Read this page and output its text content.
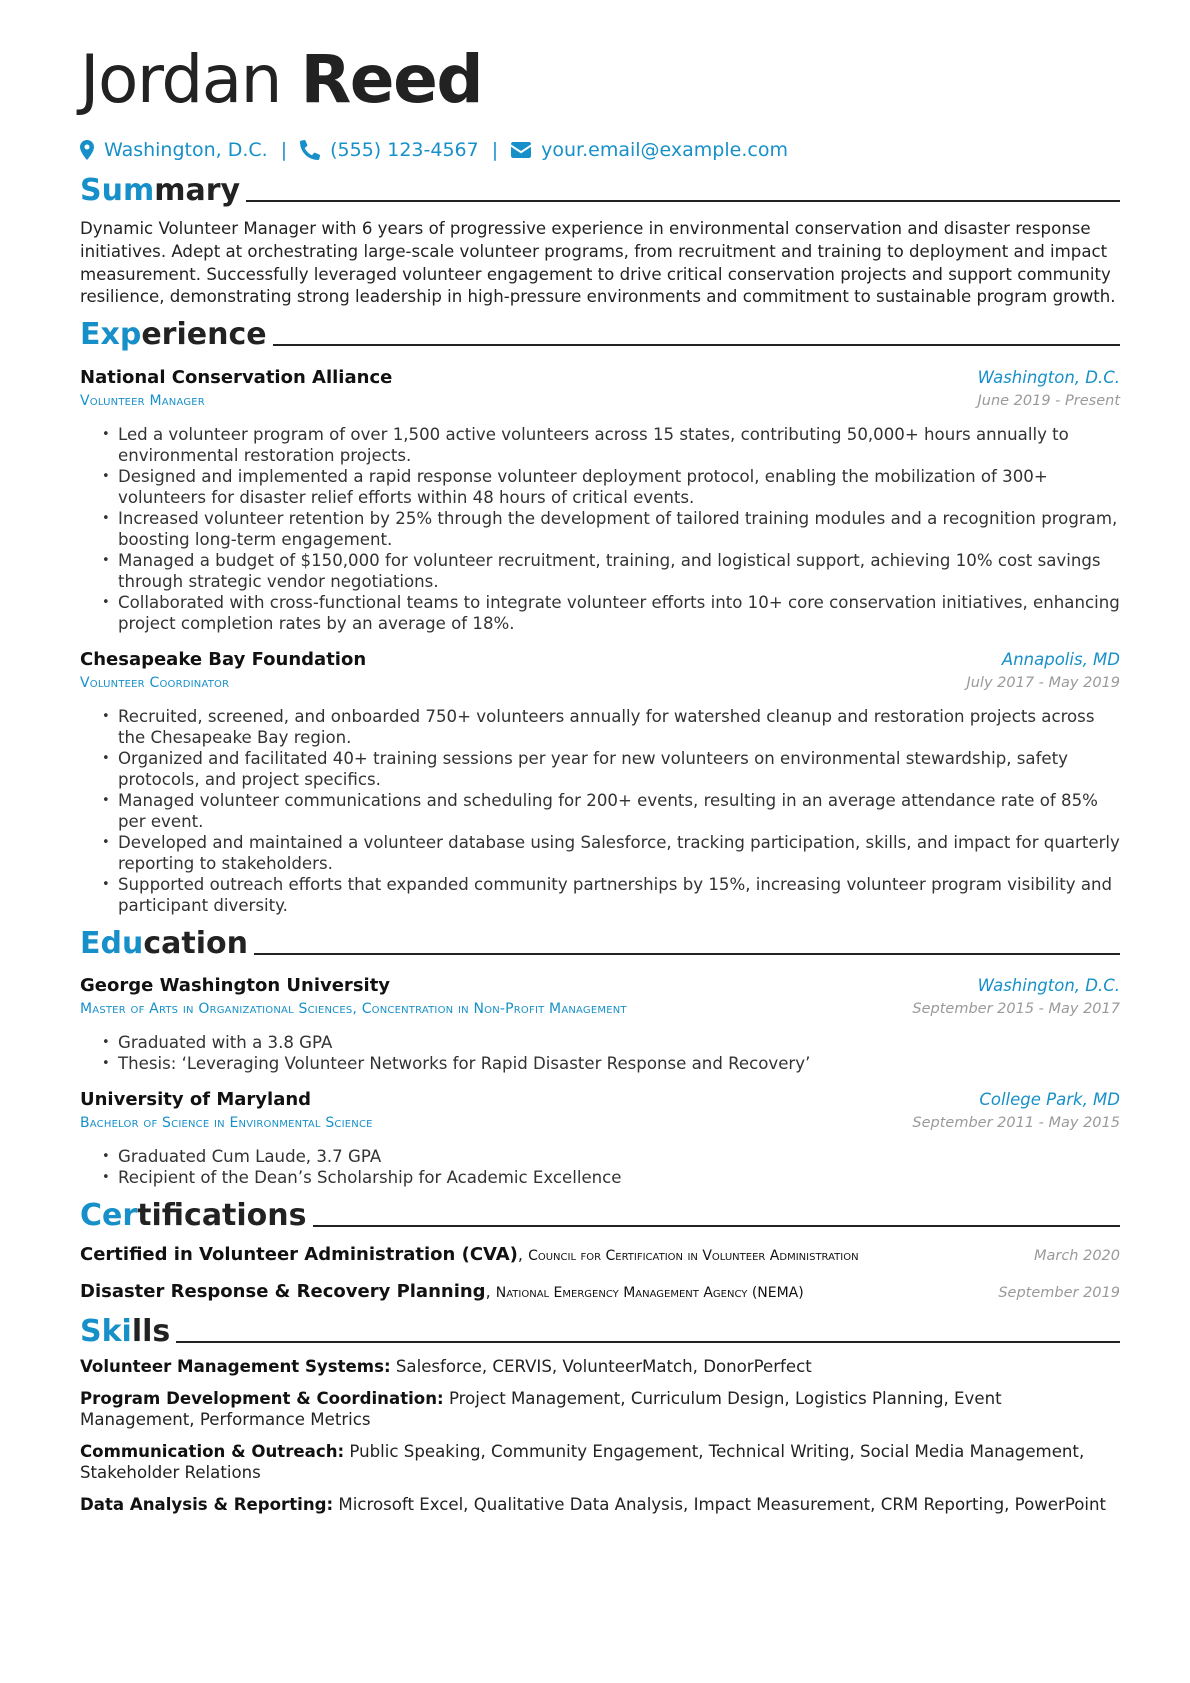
Jordan Reed
Washington, D.C. | (555) 123-4567 | your.email@example.com
Summary
Dynamic Volunteer Manager with 6 years of progressive experience in environmental conservation and disaster response initiatives. Adept at orchestrating large-scale volunteer programs, from recruitment and training to deployment and impact measurement. Successfully leveraged volunteer engagement to drive critical conservation projects and support community resilience, demonstrating strong leadership in high-pressure environments and commitment to sustainable program growth.
Experience
National Conservation Alliance	Washington, D.C.
Volunteer Manager	June 2019 - Present
• Led a volunteer program of over 1,500 active volunteers across 15 states, contributing 50,000+ hours annually to environmental restoration projects.
• Designed and implemented a rapid response volunteer deployment protocol, enabling the mobilization of 300+ volunteers for disaster relief efforts within 48 hours of critical events.
• Increased volunteer retention by 25% through the development of tailored training modules and a recognition program, boosting long-term engagement.
• Managed a budget of $150,000 for volunteer recruitment, training, and logistical support, achieving 10% cost savings through strategic vendor negotiations.
• Collaborated with cross-functional teams to integrate volunteer efforts into 10+ core conservation initiatives, enhancing project completion rates by an average of 18%.
Chesapeake Bay Foundation	Annapolis, MD
Volunteer Coordinator	July 2017 - May 2019
• Recruited, screened, and onboarded 750+ volunteers annually for watershed cleanup and restoration projects across the Chesapeake Bay region.
• Organized and facilitated 40+ training sessions per year for new volunteers on environmental stewardship, safety protocols, and project specifics.
• Managed volunteer communications and scheduling for 200+ events, resulting in an average attendance rate of 85% per event.
• Developed and maintained a volunteer database using Salesforce, tracking participation, skills, and impact for quarterly reporting to stakeholders.
• Supported outreach efforts that expanded community partnerships by 15%, increasing volunteer program visibility and participant diversity.
Education
George Washington University	Washington, D.C.
Master of Arts in Organizational Sciences, Concentration in Non-Profit Management	September 2015 - May 2017
• Graduated with a 3.8 GPA
• Thesis: ‘Leveraging Volunteer Networks for Rapid Disaster Response and Recovery’
University of Maryland	College Park, MD
Bachelor of Science in Environmental Science	September 2011 - May 2015
• Graduated Cum Laude, 3.7 GPA
• Recipient of the Dean’s Scholarship for Academic Excellence
Certifications
Certified in Volunteer Administration (CVA), Council for Certification in Volunteer Administration	March 2020
Disaster Response & Recovery Planning, National Emergency Management Agency (NEMA)	September 2019
Skills
Volunteer Management Systems: Salesforce, CERVIS, VolunteerMatch, DonorPerfect
Program Development & Coordination: Project Management, Curriculum Design, Logistics Planning, Event Management, Performance Metrics
Communication & Outreach: Public Speaking, Community Engagement, Technical Writing, Social Media Management, Stakeholder Relations
Data Analysis & Reporting: Microsoft Excel, Qualitative Data Analysis, Impact Measurement, CRM Reporting, PowerPoint
